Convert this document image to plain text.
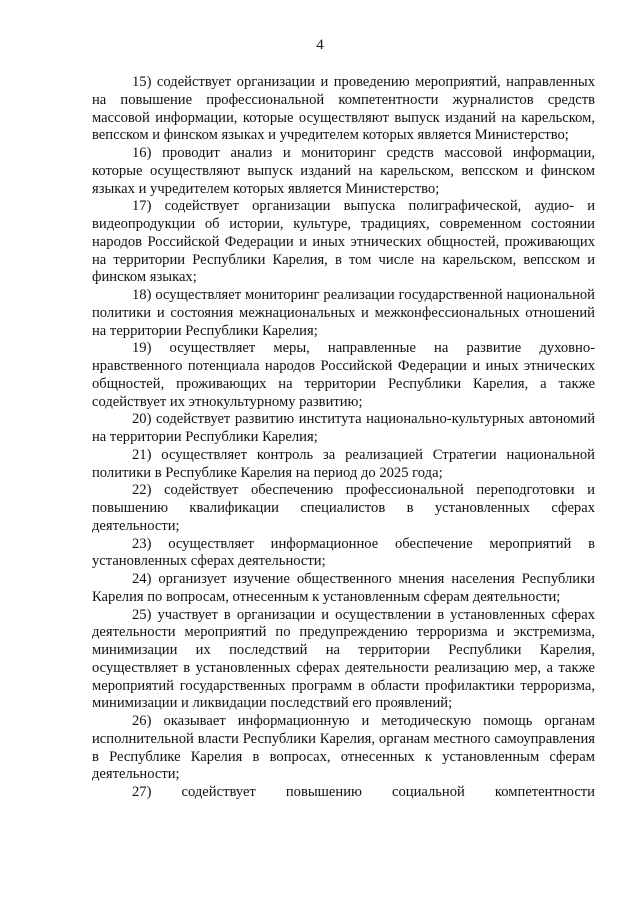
4

15) содействует организации и проведению мероприятий, направленных на повышение профессиональной компетентности журналистов средств массовой информации, которые осуществляют выпуск изданий на карельском, вепсском и финском языках и учредителем которых является Министерство;

16) проводит анализ и мониторинг средств массовой информации, которые осуществляют выпуск изданий на карельском, вепсском и финском языках и учредителем которых является Министерство;

17) содействует организации выпуска полиграфической, аудио- и видеопродукции об истории, культуре, традициях, современном состоянии народов Российской Федерации и иных этнических общностей, проживающих на территории Республики Карелия, в том числе на карельском, вепсском и финском языках;

18) осуществляет мониторинг реализации государственной национальной политики и состояния межнациональных и межконфессиональных отношений на территории Республики Карелия;

19) осуществляет меры, направленные на развитие духовно-нравственного потенциала народов Российской Федерации и иных этнических общностей, проживающих на территории Республики Карелия, а также содействует их этнокультурному развитию;

20) содействует развитию института национально-культурных автономий на территории Республики Карелия;

21) осуществляет контроль за реализацией Стратегии национальной политики в Республике Карелия на период до 2025 года;

22) содействует обеспечению профессиональной переподготовки и повышению квалификации специалистов в установленных сферах деятельности;

23) осуществляет информационное обеспечение мероприятий в установленных сферах деятельности;

24) организует изучение общественного мнения населения Республики Карелия по вопросам, отнесенным к установленным сферам деятельности;

25) участвует в организации и осуществлении в установленных сферах деятельности мероприятий по предупреждению терроризма и экстремизма, минимизации их последствий на территории Республики Карелия, осуществляет в установленных сферах деятельности реализацию мер, а также мероприятий государственных программ в области профилактики терроризма, минимизации и ликвидации последствий его проявлений;

26) оказывает информационную и методическую помощь органам исполнительной власти Республики Карелия, органам местного самоуправления в Республике Карелия в вопросах, отнесенных к установленным сферам деятельности;

27) содействует повышению социальной компетентности
